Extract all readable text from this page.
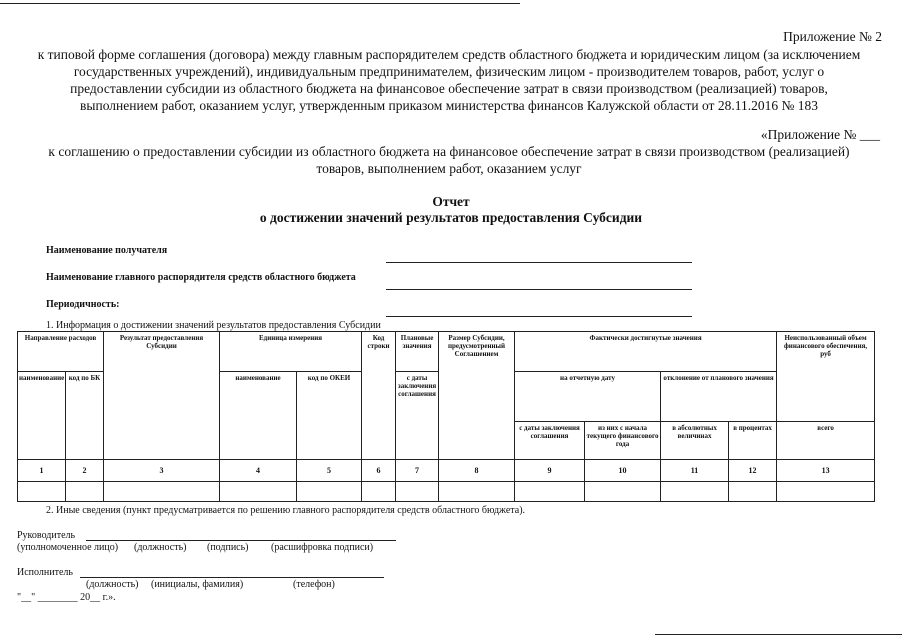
Приложение № 2
к типовой форме соглашения (договора) между главным распорядителем средств областного бюджета и юридическим лицом (за исключением
государственных учреждений), индивидуальным предпринимателем, физическим лицом - производителем товаров, работ, услуг о
предоставлении субсидии из областного бюджета на финансовое обеспечение затрат в связи производством (реализацией) товаров,
выполнением работ, оказанием услуг, утвержденным приказом министерства финансов Калужской области от 28.11.2016 № 183
«Приложение № ___
к соглашению о предоставлении субсидии из областного бюджета на финансовое обеспечение затрат в связи производством (реализацией)
товаров, выполнением работ, оказанием услуг
Отчет
о достижении значений результатов предоставления Субсидии
Наименование получателя
Наименование главного распорядителя средств областного бюджета
Периодичность:
1. Информация о достижении значений результатов предоставления Субсидии
Направление расходов		Результат предоставления Субсидии	Единица измерения		Код строки	Плановые значения	Размер Субсидии, предусмотренный Соглашением	Фактически достигнутые значения				Неиспользованный объем финансового обеспечения, руб
наименование	код по БК		наименование	код по ОКЕИ		с даты заключения соглашения		на отчетную дату		отклонение от планового значения		
								с даты заключения соглашения	из них с начала текущего финансового года	в абсолютных величинах	в процентах	всего
1	2	3	4	5	6	7	8	9	10	11	12	13

2. Иные сведения (пункт предусматривается по решению главного распорядителя средств областного бюджета).
Руководитель
(уполномоченное лицо) (должность) (подпись) (расшифровка подписи)
Исполнитель
(должность) (инициалы, фамилия)	(телефон)
"__" ________ 20__ г.».
